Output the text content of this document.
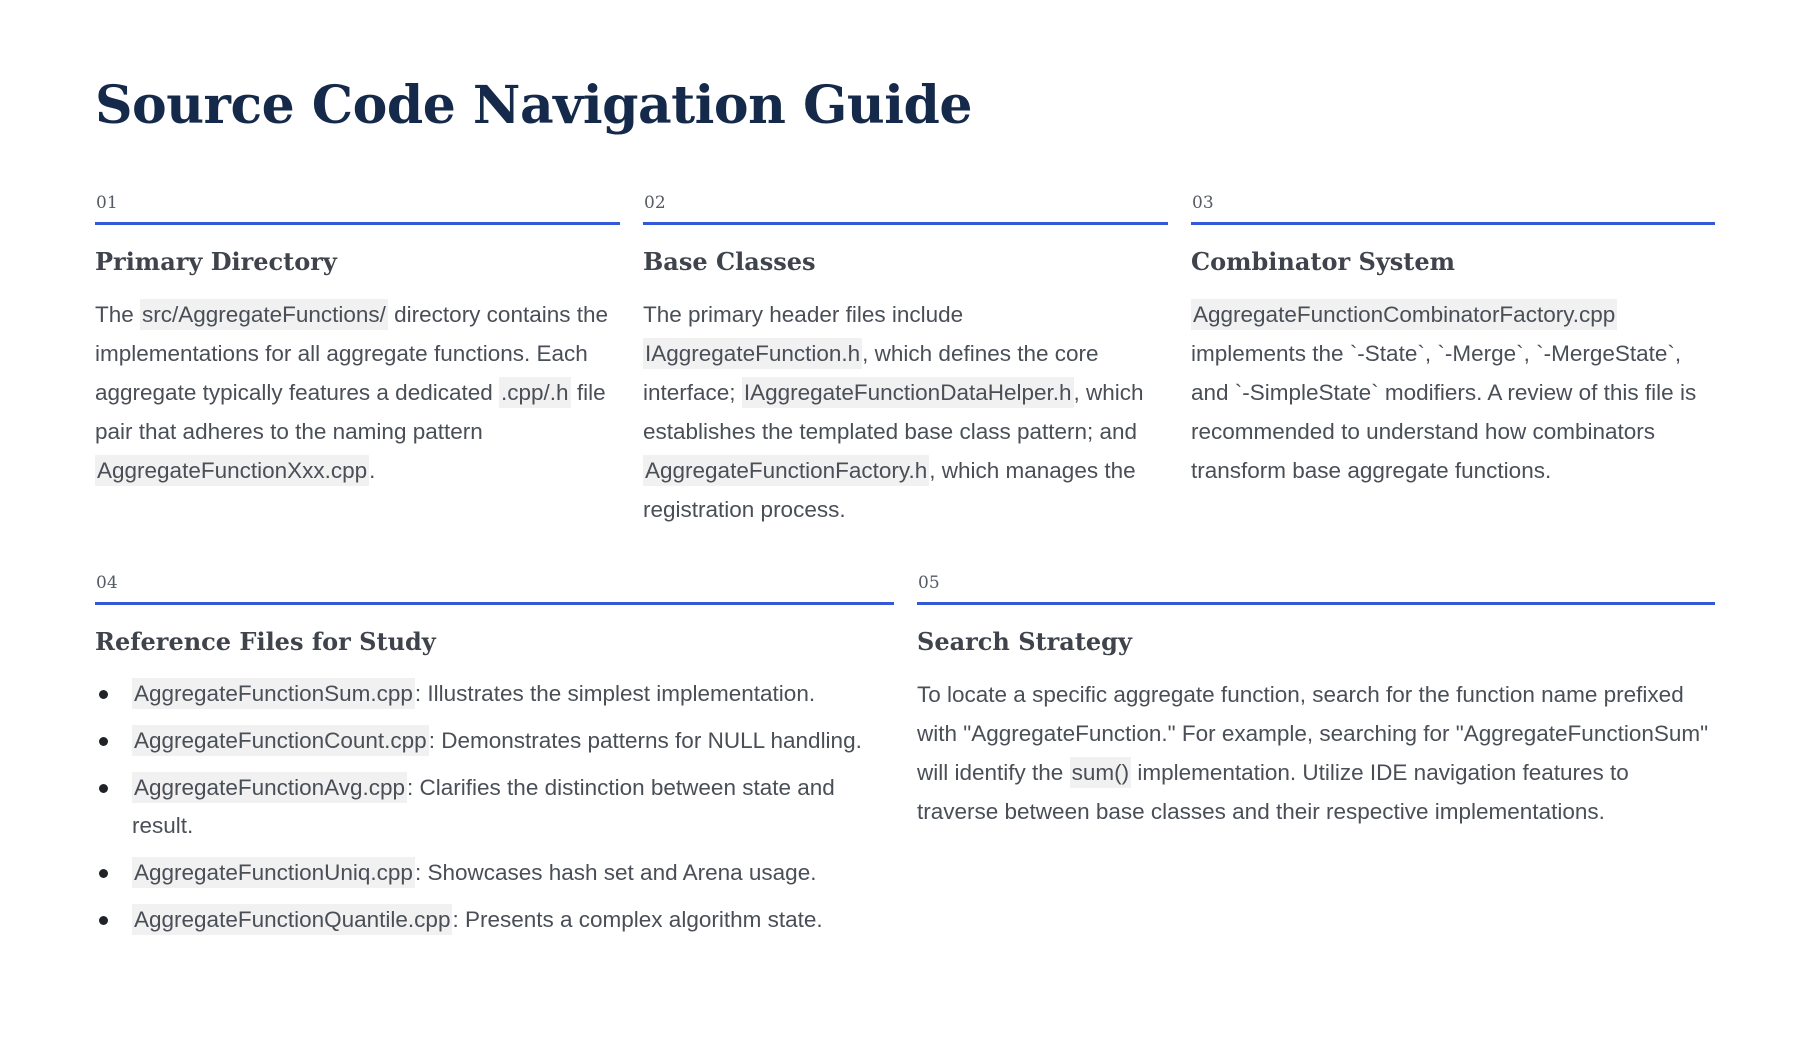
Source Code Navigation Guide
01
Primary Directory

The src/AggregateFunctions/ directory contains the implementations for all aggregate functions. Each aggregate typically features a dedicated .cpp/.h file pair that adheres to the naming pattern AggregateFunctionXxx.cpp.

02
Base Classes

The primary header files include IAggregateFunction.h, which defines the core interface; IAggregateFunctionDataHelper.h, which establishes the templated base class pattern; and AggregateFunctionFactory.h, which manages the registration process.

03
Combinator System

AggregateFunctionCombinatorFactory.cpp implements the `-State`, `-Merge`, `-MergeState`, and `-SimpleState` modifiers. A review of this file is recommended to understand how combinators transform base aggregate functions.

04
Reference Files for Study
AggregateFunctionSum.cpp: Illustrates the simplest implementation.
AggregateFunctionCount.cpp: Demonstrates patterns for NULL handling.
AggregateFunctionAvg.cpp: Clarifies the distinction between state and result.
AggregateFunctionUniq.cpp: Showcases hash set and Arena usage.
AggregateFunctionQuantile.cpp: Presents a complex algorithm state.
05
Search Strategy

To locate a specific aggregate function, search for the function name prefixed with "AggregateFunction." For example, searching for "AggregateFunctionSum" will identify the sum() implementation. Utilize IDE navigation features to traverse between base classes and their respective implementations.
